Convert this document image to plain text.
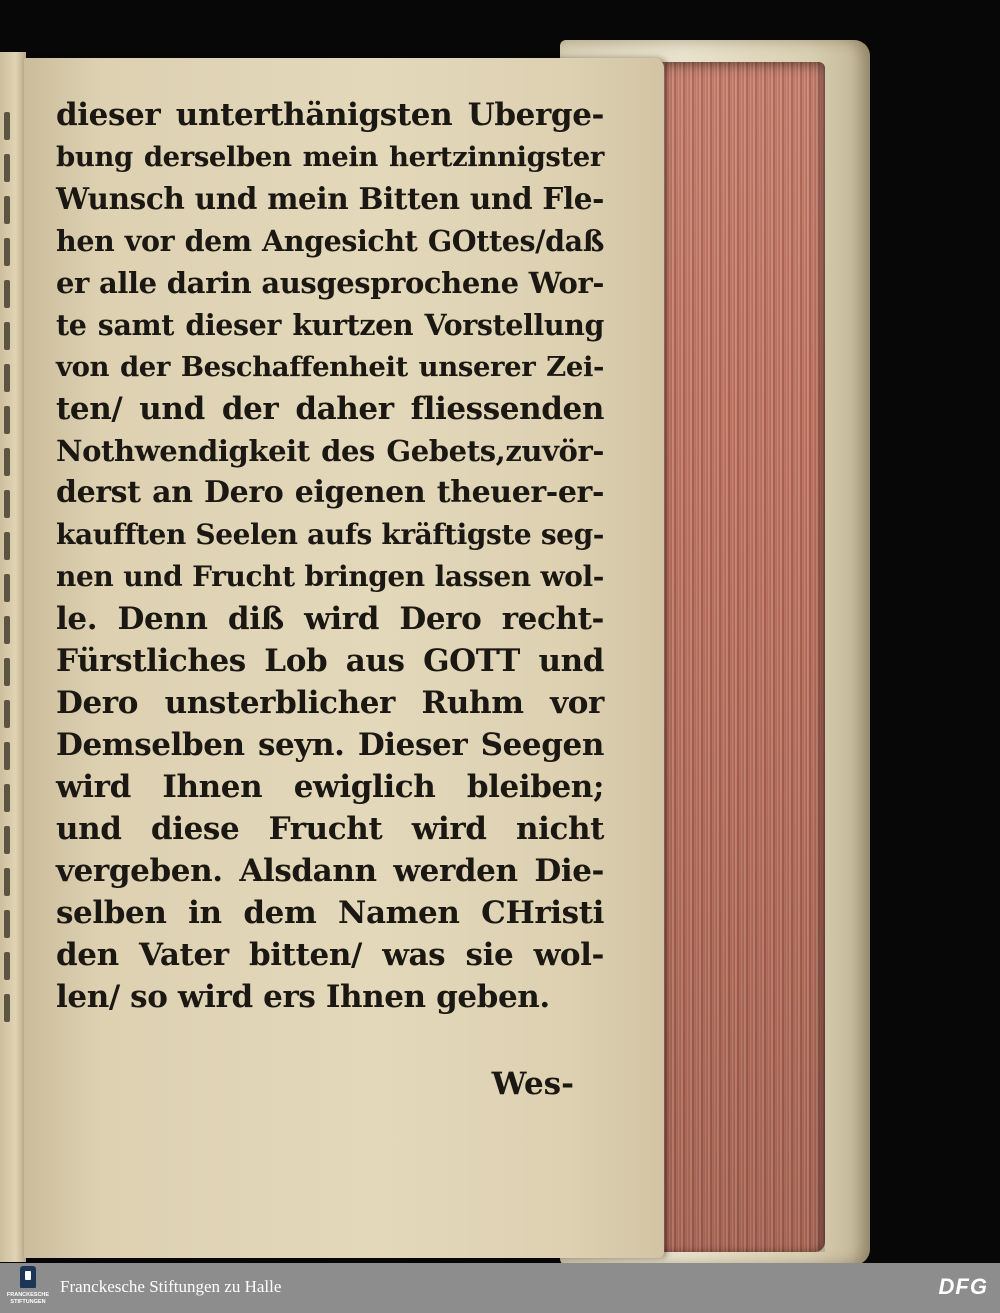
dieser unterthänigsten Uberge-
bung derselben mein hertzinnigster
Wunsch und mein Bitten und Fle-
hen vor dem Angesicht GOttes/daß
er alle darin ausgesprochene Wor-
te samt dieser kurtzen Vorstellung
von der Beschaffenheit unserer Zei-
ten/ und der daher fliessenden
Nothwendigkeit des Gebets,zuvör-
derst an Dero eigenen theuer-er-
kaufften Seelen aufs kräftigste seg-
nen und Frucht bringen lassen wol-
le. Denn diß wird Dero recht-
Fürstliches Lob aus GOTT und
Dero unsterblicher Ruhm vor
Demselben seyn. Dieser Seegen
wird Ihnen ewiglich bleiben;
und diese Frucht wird nicht
vergeben. Alsdann werden Die-
selben in dem Namen CHristi
den Vater bitten/ was sie wol-
len/ so wird ers Ihnen geben.
Wes-
FRANCKESCHE STIFTUNGEN
Franckesche Stiftungen zu Halle	DFG
